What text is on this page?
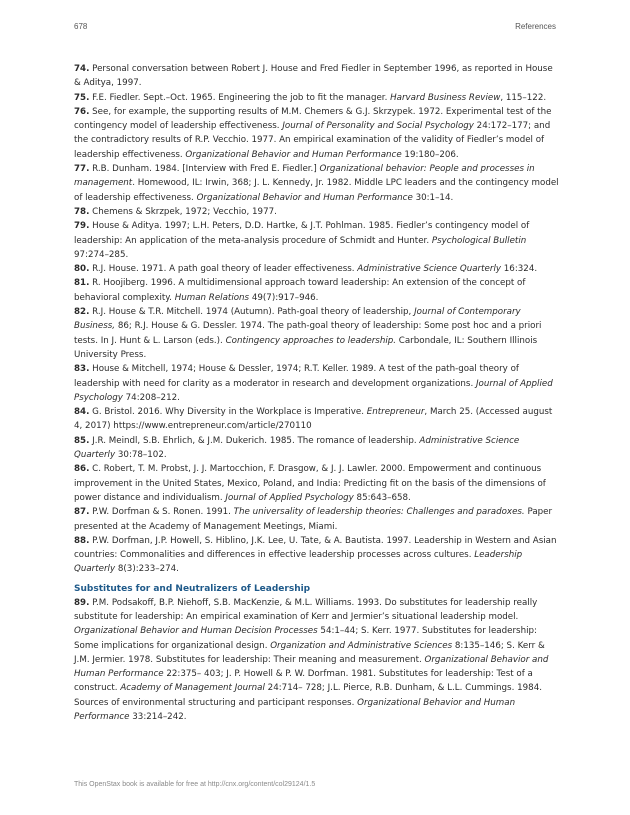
678	References

74. Personal conversation between Robert J. House and Fred Fiedler in September 1996, as reported in House & Aditya, 1997.

75. F.E. Fiedler. Sept.–Oct. 1965. Engineering the job to fit the manager. Harvard Business Review, 115–122.

76. See, for example, the supporting results of M.M. Chemers & G.J. Skrzypek. 1972. Experimental test of the contingency model of leadership effectiveness. Journal of Personality and Social Psychology 24:172–177; and the contradictory results of R.P. Vecchio. 1977. An empirical examination of the validity of Fiedler’s model of leadership effectiveness. Organizational Behavior and Human Performance 19:180–206.

77. R.B. Dunham. 1984. [Interview with Fred E. Fiedler.] Organizational behavior: People and processes in management. Homewood, IL: Irwin, 368; J. L. Kennedy, Jr. 1982. Middle LPC leaders and the contingency model of leadership effectiveness. Organizational Behavior and Human Performance 30:1–14.

78. Chemens & Skrzpek, 1972; Vecchio, 1977.

79. House & Aditya. 1997; L.H. Peters, D.D. Hartke, & J.T. Pohlman. 1985. Fiedler’s contingency model of leadership: An application of the meta-analysis procedure of Schmidt and Hunter. Psychological Bulletin 97:274–285.

80. R.J. House. 1971. A path goal theory of leader effectiveness. Administrative Science Quarterly 16:324.

81. R. Hoojiberg. 1996. A multidimensional approach toward leadership: An extension of the concept of behavioral complexity. Human Relations 49(7):917–946.

82. R.J. House & T.R. Mitchell. 1974 (Autumn). Path-goal theory of leadership, Journal of Contemporary Business, 86; R.J. House & G. Dessler. 1974. The path-goal theory of leadership: Some post hoc and a priori tests. In J. Hunt & L. Larson (eds.). Contingency approaches to leadership. Carbondale, IL: Southern Illinois University Press.

83. House & Mitchell, 1974; House & Dessler, 1974; R.T. Keller. 1989. A test of the path-goal theory of leadership with need for clarity as a moderator in research and development organizations. Journal of Applied Psychology 74:208–212.

84. G. Bristol. 2016. Why Diversity in the Workplace is Imperative. Entrepreneur, March 25. (Accessed august 4, 2017) https://www.entrepreneur.com/article/270110

85. J.R. Meindl, S.B. Ehrlich, & J.M. Dukerich. 1985. The romance of leadership. Administrative Science Quarterly 30:78–102.

86. C. Robert, T. M. Probst, J. J. Martocchion, F. Drasgow, & J. J. Lawler. 2000. Empowerment and continuous improvement in the United States, Mexico, Poland, and India: Predicting fit on the basis of the dimensions of power distance and individualism. Journal of Applied Psychology 85:643–658.

87. P.W. Dorfman & S. Ronen. 1991. The universality of leadership theories: Challenges and paradoxes. Paper presented at the Academy of Management Meetings, Miami.

88. P.W. Dorfman, J.P. Howell, S. Hiblino, J.K. Lee, U. Tate, & A. Bautista. 1997. Leadership in Western and Asian countries: Commonalities and differences in effective leadership processes across cultures. Leadership Quarterly 8(3):233–274.

Substitutes for and Neutralizers of Leadership

89. P.M. Podsakoff, B.P. Niehoff, S.B. MacKenzie, & M.L. Williams. 1993. Do substitutes for leadership really substitute for leadership: An empirical examination of Kerr and Jermier’s situational leadership model. Organizational Behavior and Human Decision Processes 54:1–44; S. Kerr. 1977. Substitutes for leadership: Some implications for organizational design. Organization and Administrative Sciences 8:135–146; S. Kerr & J.M. Jermier. 1978. Substitutes for leadership: Their meaning and measurement. Organizational Behavior and Human Performance 22:375– 403; J. P. Howell & P. W. Dorfman. 1981. Substitutes for leadership: Test of a construct. Academy of Management Journal 24:714– 728; J.L. Pierce, R.B. Dunham, & L.L. Cummings. 1984. Sources of environmental structuring and participant responses. Organizational Behavior and Human Performance 33:214–242.

This OpenStax book is available for free at http://cnx.org/content/col29124/1.5
